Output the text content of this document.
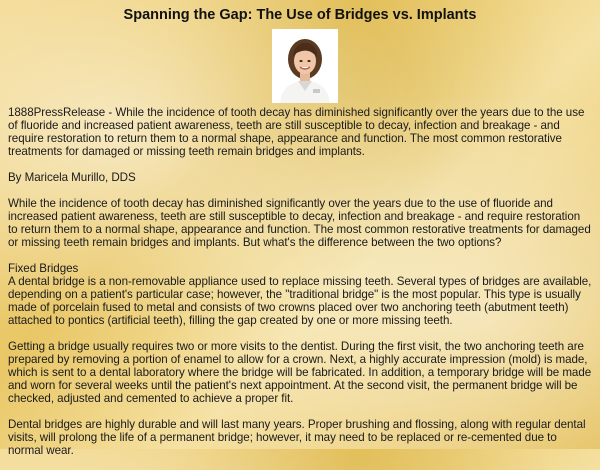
Spanning the Gap: The Use of Bridges vs. Implants

1888PressRelease - While the incidence of tooth decay has diminished significantly over the years due to the use of fluoride and increased patient awareness, teeth are still susceptible to decay, infection and breakage - and require restoration to return them to a normal shape, appearance and function. The most common restorative treatments for damaged or missing teeth remain bridges and implants.

By Maricela Murillo, DDS

While the incidence of tooth decay has diminished significantly over the years due to the use of fluoride and increased patient awareness, teeth are still susceptible to decay, infection and breakage - and require restoration to return them to a normal shape, appearance and function. The most common restorative treatments for damaged or missing teeth remain bridges and implants. But what's the difference between the two options?

Fixed Bridges

A dental bridge is a non-removable appliance used to replace missing teeth. Several types of bridges are available, depending on a patient's particular case; however, the "traditional bridge" is the most popular. This type is usually made of porcelain fused to metal and consists of two crowns placed over two anchoring teeth (abutment teeth) attached to pontics (artificial teeth), filling the gap created by one or more missing teeth.

Getting a bridge usually requires two or more visits to the dentist. During the first visit, the two anchoring teeth are prepared by removing a portion of enamel to allow for a crown. Next, a highly accurate impression (mold) is made, which is sent to a dental laboratory where the bridge will be fabricated. In addition, a temporary bridge will be made and worn for several weeks until the patient's next appointment. At the second visit, the permanent bridge will be checked, adjusted and cemented to achieve a proper fit.

Dental bridges are highly durable and will last many years. Proper brushing and flossing, along with regular dental visits, will prolong the life of a permanent bridge; however, it may need to be replaced or re-cemented due to normal wear.
